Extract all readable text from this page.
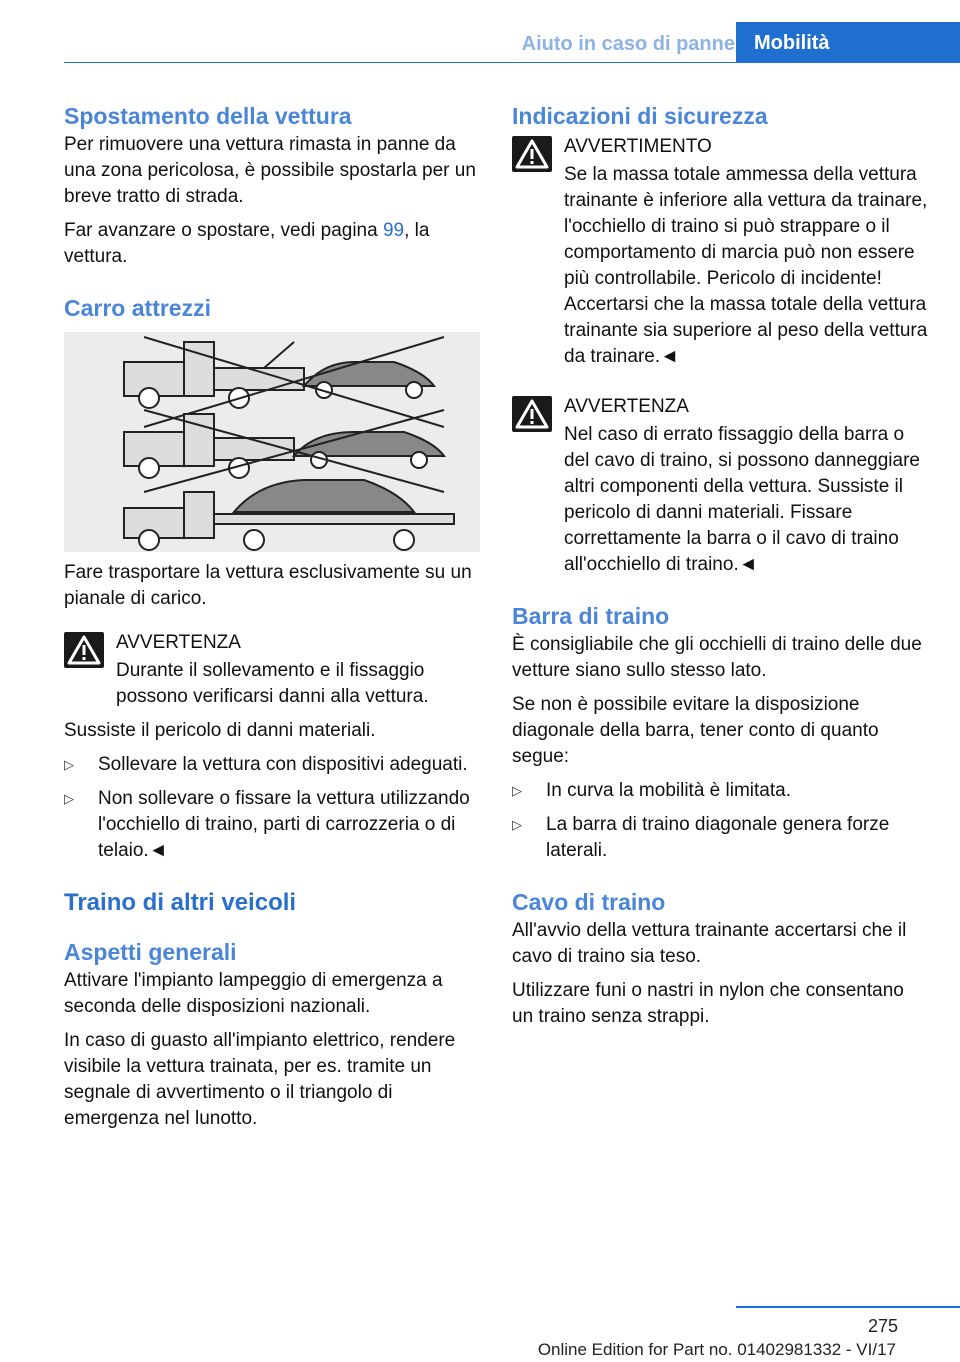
Aiuto in caso di panne Mobilità
Spostamento della vettura

Per rimuovere una vettura rimasta in panne da una zona pericolosa, è possibile spostarla per un breve tratto di strada.

Far avanzare o spostare, vedi pagina 99, la vettura.

Carro attrezzi

Fare trasportare la vettura esclusivamente su un pianale di carico.

AVVERTENZA

Durante il sollevamento e il fissaggio possono verificarsi danni alla vettura.

Sussiste il pericolo di danni materiali.

▷ Sollevare la vettura con dispositivi adeguati.
▷ Non sollevare o fissare la vettura utilizzando l'occhiello di traino, parti di carrozzeria o di telaio.◄
Traino di altri veicoli
Aspetti generali

Attivare l'impianto lampeggio di emergenza a seconda delle disposizioni nazionali.

In caso di guasto all'impianto elettrico, rendere visibile la vettura trainata, per es. tramite un segnale di avvertimento o il triangolo di emergenza nel lunotto.

Indicazioni di sicurezza
AVVERTIMENTO

Se la massa totale ammessa della vettura trainante è inferiore alla vettura da trainare, l'occhiello di traino si può strappare o il comportamento di marcia può non essere più controllabile. Pericolo di incidente! Accertarsi che la massa totale della vettura trainante sia superiore al peso della vettura da trainare.◄

AVVERTENZA

Nel caso di errato fissaggio della barra o del cavo di traino, si possono danneggiare altri componenti della vettura. Sussiste il pericolo di danni materiali. Fissare correttamente la barra o il cavo di traino all'occhiello di traino.◄

Barra di traino

È consigliabile che gli occhielli di traino delle due vetture siano sullo stesso lato.

Se non è possibile evitare la disposizione diagonale della barra, tener conto di quanto segue:

▷ In curva la mobilità è limitata.
▷ La barra di traino diagonale genera forze laterali.
Cavo di traino

All'avvio della vettura trainante accertarsi che il cavo di traino sia teso.

Utilizzare funi o nastri in nylon che consentano un traino senza strappi.

275
Online Edition for Part no. 01402981332 - VI/17
